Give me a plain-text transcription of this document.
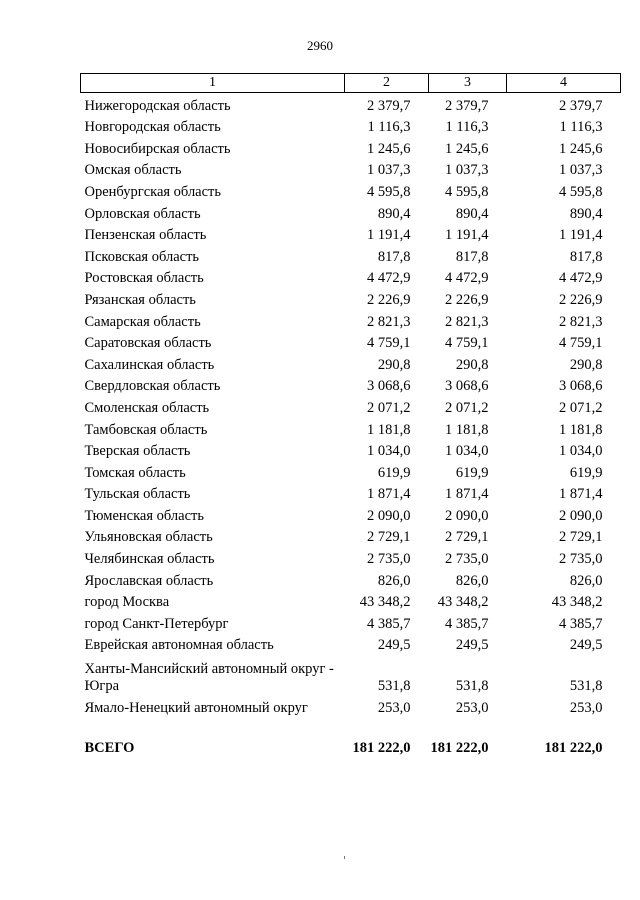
2960
1	2	3	4
Нижегородская область	2 379,7	2 379,7	2 379,7
Новгородская область	1 116,3	1 116,3	1 116,3
Новосибирская область	1 245,6	1 245,6	1 245,6
Омская область	1 037,3	1 037,3	1 037,3
Оренбургская область	4 595,8	4 595,8	4 595,8
Орловская область	890,4	890,4	890,4
Пензенская область	1 191,4	1 191,4	1 191,4
Псковская область	817,8	817,8	817,8
Ростовская область	4 472,9	4 472,9	4 472,9
Рязанская область	2 226,9	2 226,9	2 226,9
Самарская область	2 821,3	2 821,3	2 821,3
Саратовская область	4 759,1	4 759,1	4 759,1
Сахалинская область	290,8	290,8	290,8
Свердловская область	3 068,6	3 068,6	3 068,6
Смоленская область	2 071,2	2 071,2	2 071,2
Тамбовская область	1 181,8	1 181,8	1 181,8
Тверская область	1 034,0	1 034,0	1 034,0
Томская область	619,9	619,9	619,9
Тульская область	1 871,4	1 871,4	1 871,4
Тюменская область	2 090,0	2 090,0	2 090,0
Ульяновская область	2 729,1	2 729,1	2 729,1
Челябинская область	2 735,0	2 735,0	2 735,0
Ярославская область	826,0	826,0	826,0
город Москва	43 348,2	43 348,2	43 348,2
город Санкт-Петербург	4 385,7	4 385,7	4 385,7
Еврейская автономная область	249,5	249,5	249,5
Ханты-Мансийский автономный округ - Югра	531,8	531,8	531,8
Ямало-Ненецкий автономный округ	253,0	253,0	253,0

ВСЕГО	181 222,0	181 222,0	181 222,0
